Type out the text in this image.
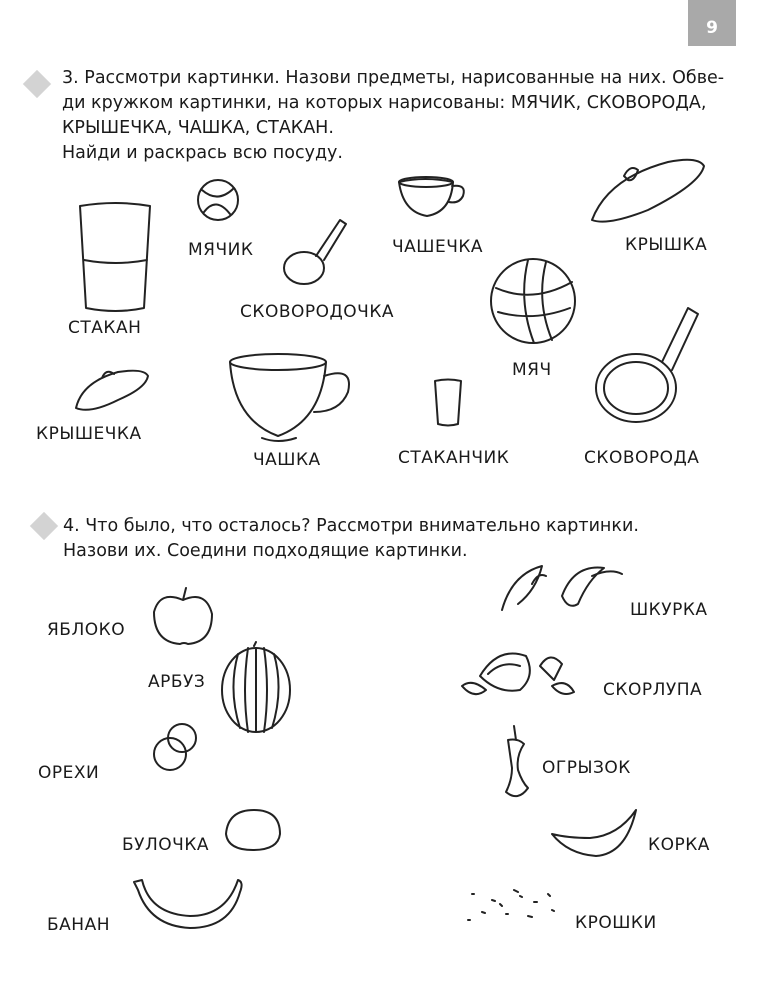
9

3. Рассмотри картинки. Назови предметы, нарисованные на них. Обве-

ди кружком картинки, на которых нарисованы: МЯЧИК, СКОВОРОДА,

КРЫШЕЧКА, ЧАШКА, СТАКАН.

Найди и раскрась всю посуду.

СТАКАН
МЯЧИК	ЧАШЕЧКА	КРЫШКА
СКОВОРОДОЧКА
МЯЧ
КРЫШЕЧКА
ЧАШКА	СТАКАНЧИК	СКОВОРОДА

4. Что было, что осталось? Рассмотри внимательно картинки.

Назови их. Соедини подходящие картинки.

ЯБЛОКО
АРБУЗ
ОРЕХИ
БУЛОЧКА
БАНАН
ШКУРКА
СКОРЛУПА
ОГРЫЗОК
КОРКА
КРОШКИ
